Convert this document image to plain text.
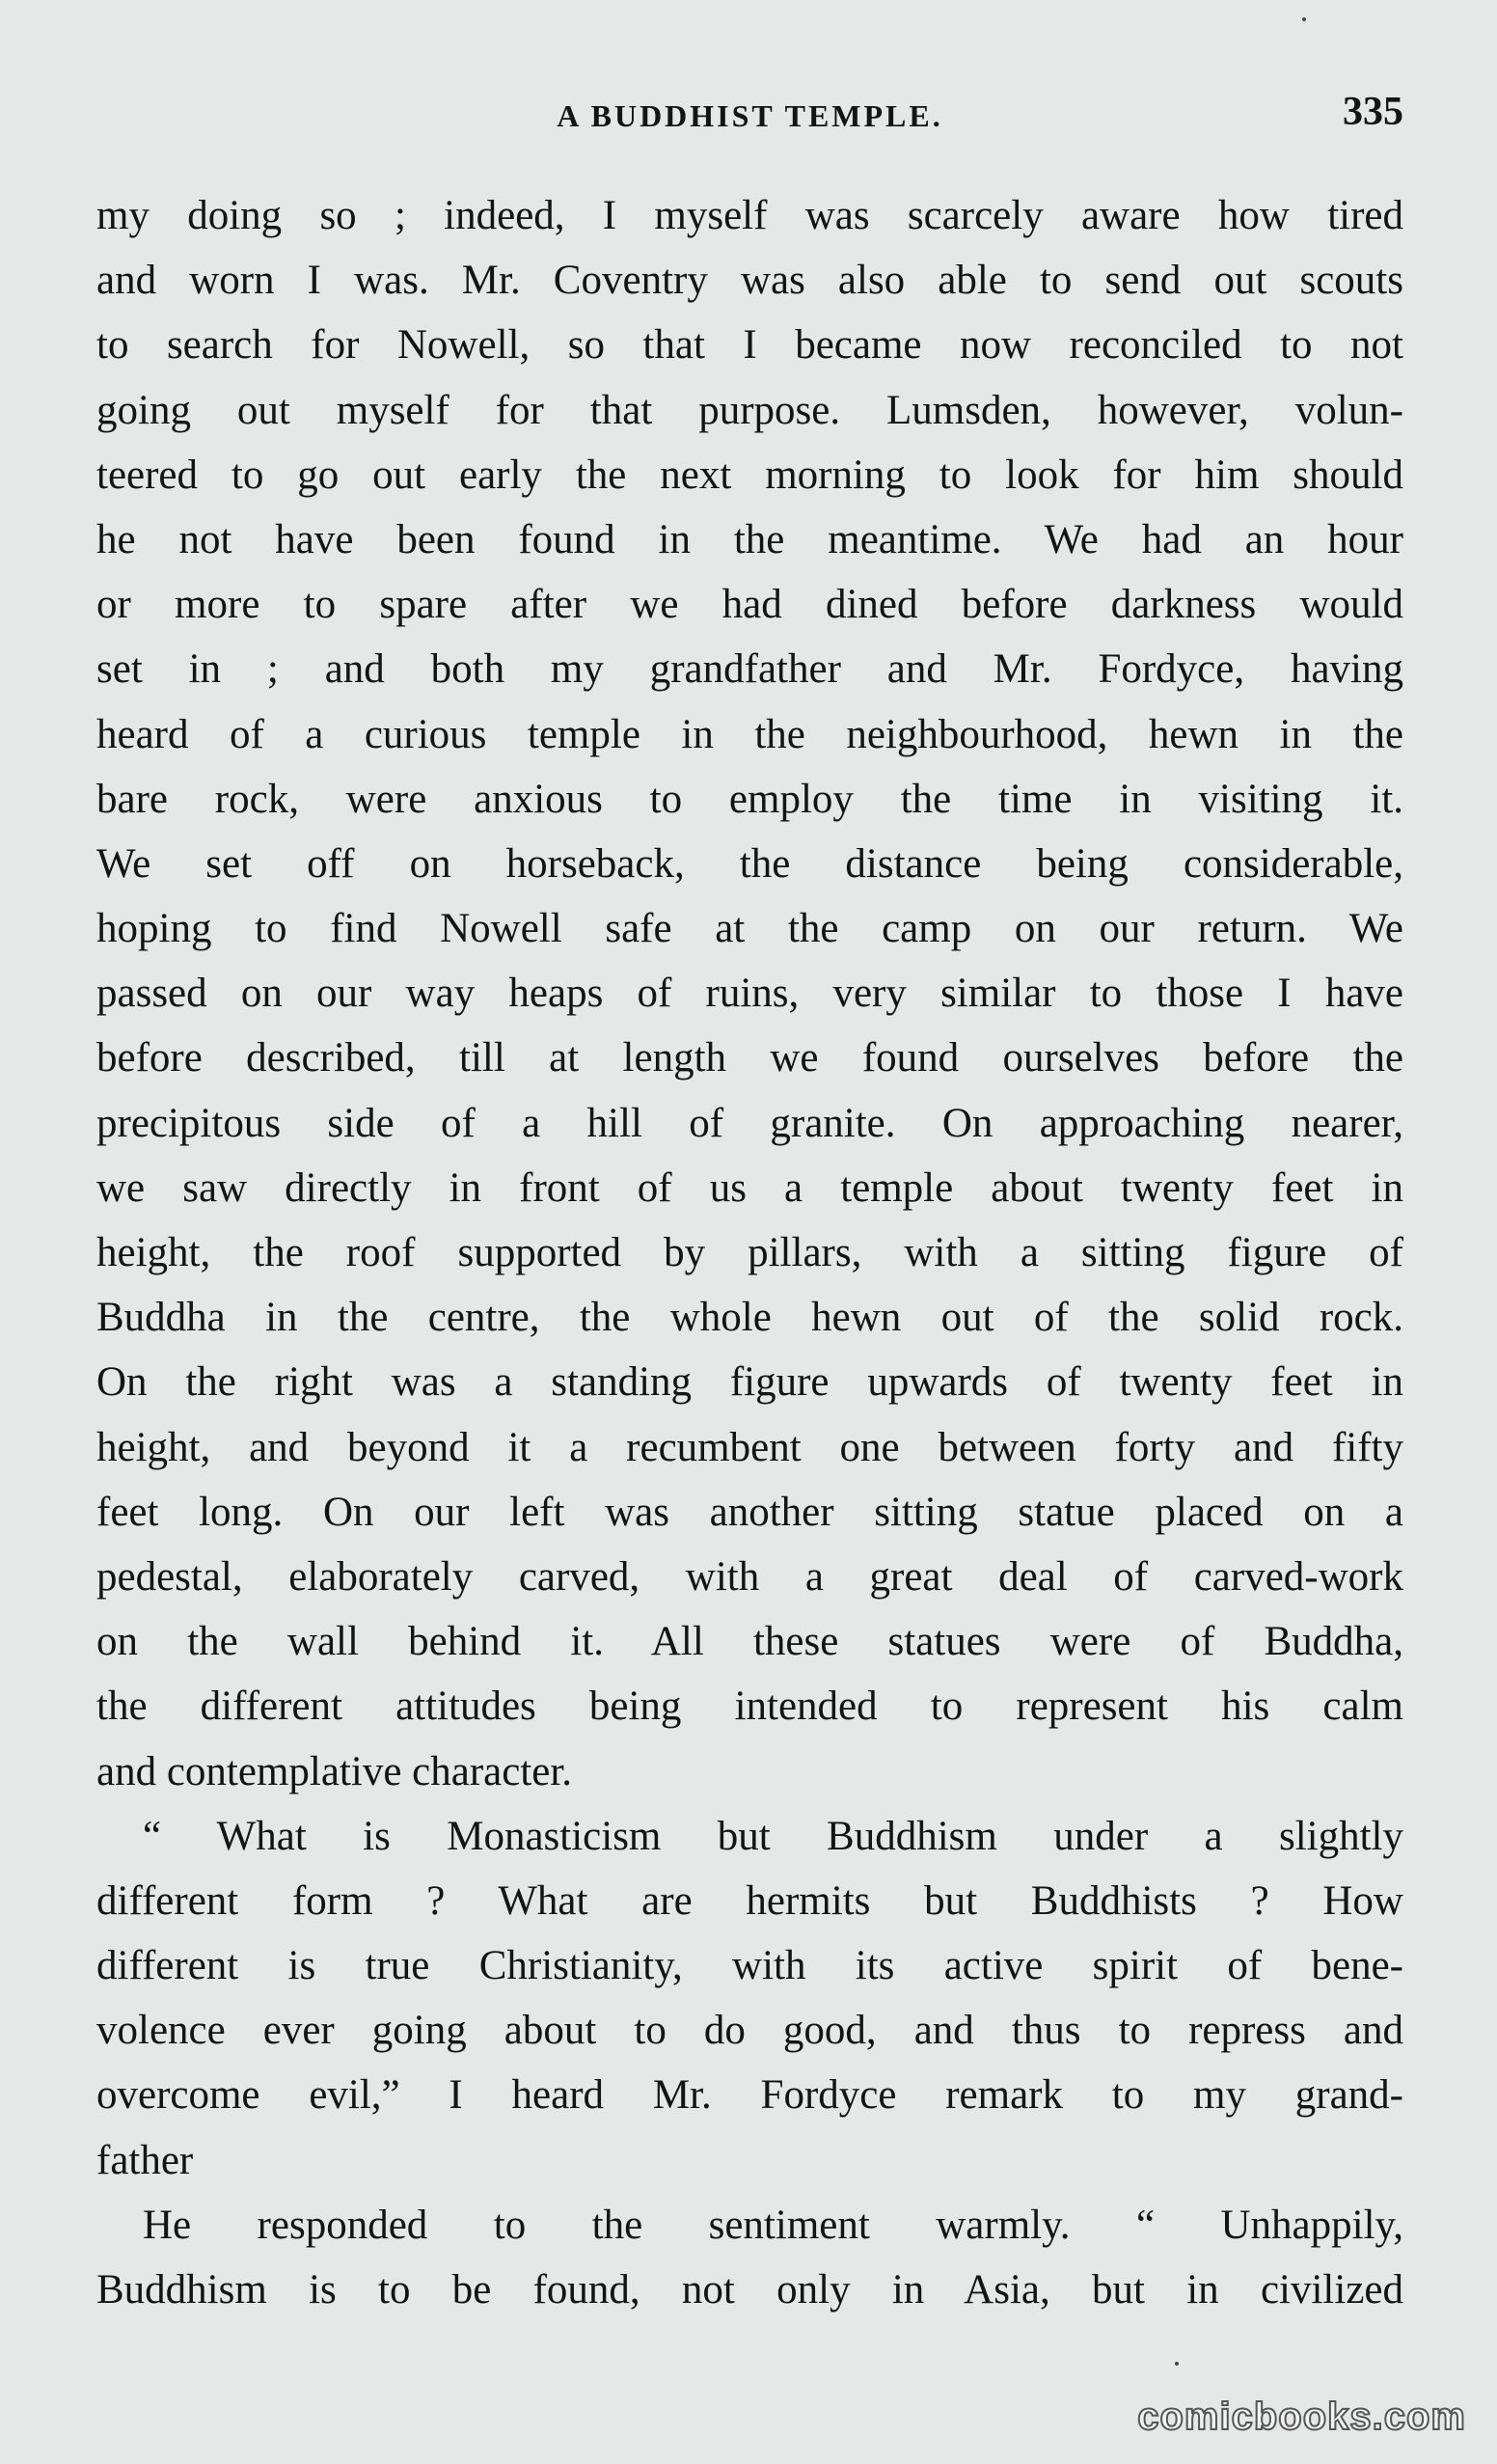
A BUDDHIST TEMPLE.	335
my doing so ; indeed, I myself was scarcely aware how tired
and worn I was. Mr. Coventry was also able to send out scouts
to search for Nowell, so that I became now reconciled to not
going out myself for that purpose. Lumsden, however, volun-
teered to go out early the next morning to look for him should
he not have been found in the meantime. We had an hour
or more to spare after we had dined before darkness would
set in ; and both my grandfather and Mr. Fordyce, having
heard of a curious temple in the neighbourhood, hewn in the
bare rock, were anxious to employ the time in visiting it.
We set off on horseback, the distance being considerable,
hoping to find Nowell safe at the camp on our return. We
passed on our way heaps of ruins, very similar to those I have
before described, till at length we found ourselves before the
precipitous side of a hill of granite. On approaching nearer,
we saw directly in front of us a temple about twenty feet in
height, the roof supported by pillars, with a sitting figure of
Buddha in the centre, the whole hewn out of the solid rock.
On the right was a standing figure upwards of twenty feet in
height, and beyond it a recumbent one between forty and fifty
feet long. On our left was another sitting statue placed on a
pedestal, elaborately carved, with a great deal of carved-work
on the wall behind it. All these statues were of Buddha,
the different attitudes being intended to represent his calm
and contemplative character.
“ What is Monasticism but Buddhism under a slightly
different form ? What are hermits but Buddhists ? How
different is true Christianity, with its active spirit of bene-
volence ever going about to do good, and thus to repress and
overcome evil,” I heard Mr. Fordyce remark to my grand-
father
He responded to the sentiment warmly. “ Unhappily,
Buddhism is to be found, not only in Asia, but in civilized
comicbooks.com
